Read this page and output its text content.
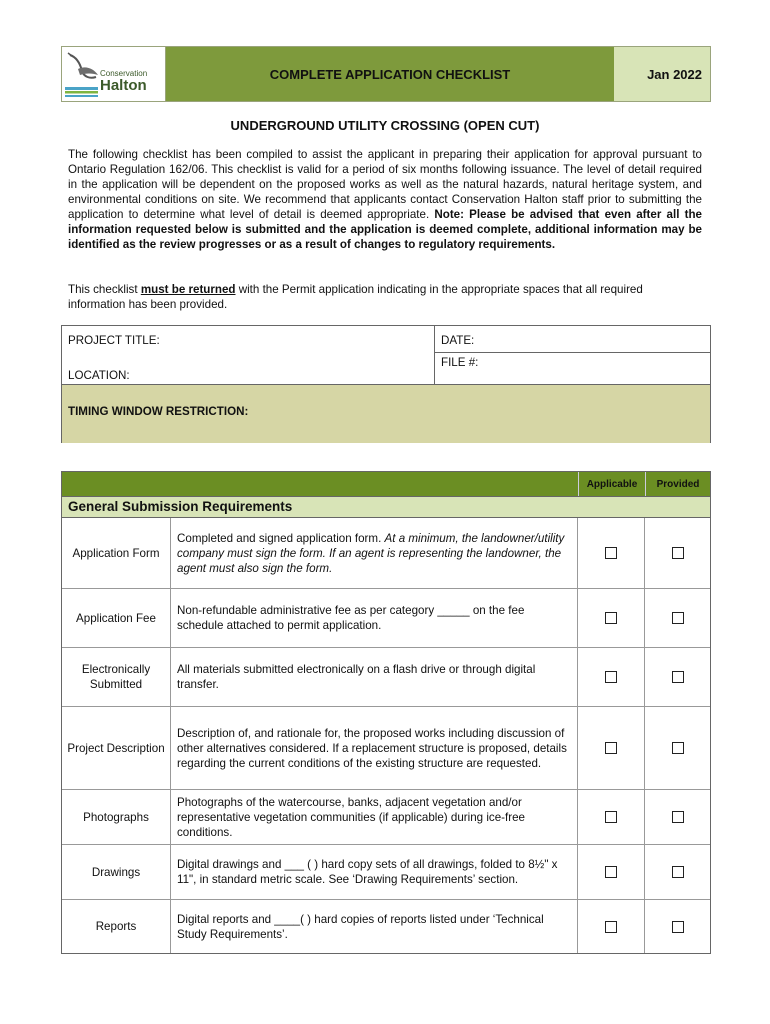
Conservation
Halton
COMPLETE APPLICATION CHECKLIST	Jan 2022
UNDERGROUND UTILITY CROSSING (OPEN CUT)
The following checklist has been compiled to assist the applicant in preparing their application for approval pursuant to Ontario Regulation 162/06. This checklist is valid for a period of six months following issuance. The level of detail required in the application will be dependent on the proposed works as well as the natural hazards, natural heritage system, and environmental conditions on site. We recommend that applicants contact Conservation Halton staff prior to submitting the application to determine what level of detail is deemed appropriate. Note: Please be advised that even after all the information requested below is submitted and the application is deemed complete, additional information may be identified as the review progresses or as a result of changes to regulatory requirements.
This checklist must be returned with the Permit application indicating in the appropriate spaces that all required information has been provided.
PROJECT TITLE:
LOCATION:
DATE:
FILE #:
TIMING WINDOW RESTRICTION:
Applicable	Provided
General Submission Requirements
Application Form
Completed and signed application form. At a minimum, the landowner/utility company must sign the form. If an agent is representing the landowner, the agent must also sign the form.
Application Fee
Non-refundable administrative fee as per category _____ on the fee schedule attached to permit application.
Electronically Submitted
All materials submitted electronically on a flash drive or through digital transfer.
Project Description
Description of, and rationale for, the proposed works including discussion of other alternatives considered. If a replacement structure is proposed, details regarding the current conditions of the existing structure are requested.
Photographs
Photographs of the watercourse, banks, adjacent vegetation and/or representative vegetation communities (if applicable) during ice-free conditions.
Drawings
Digital drawings and ___ ( ) hard copy sets of all drawings, folded to 8½" x 11", in standard metric scale. See ‘Drawing Requirements’ section.
Reports
Digital reports and ____( ) hard copies of reports listed under ‘Technical Study Requirements’.
